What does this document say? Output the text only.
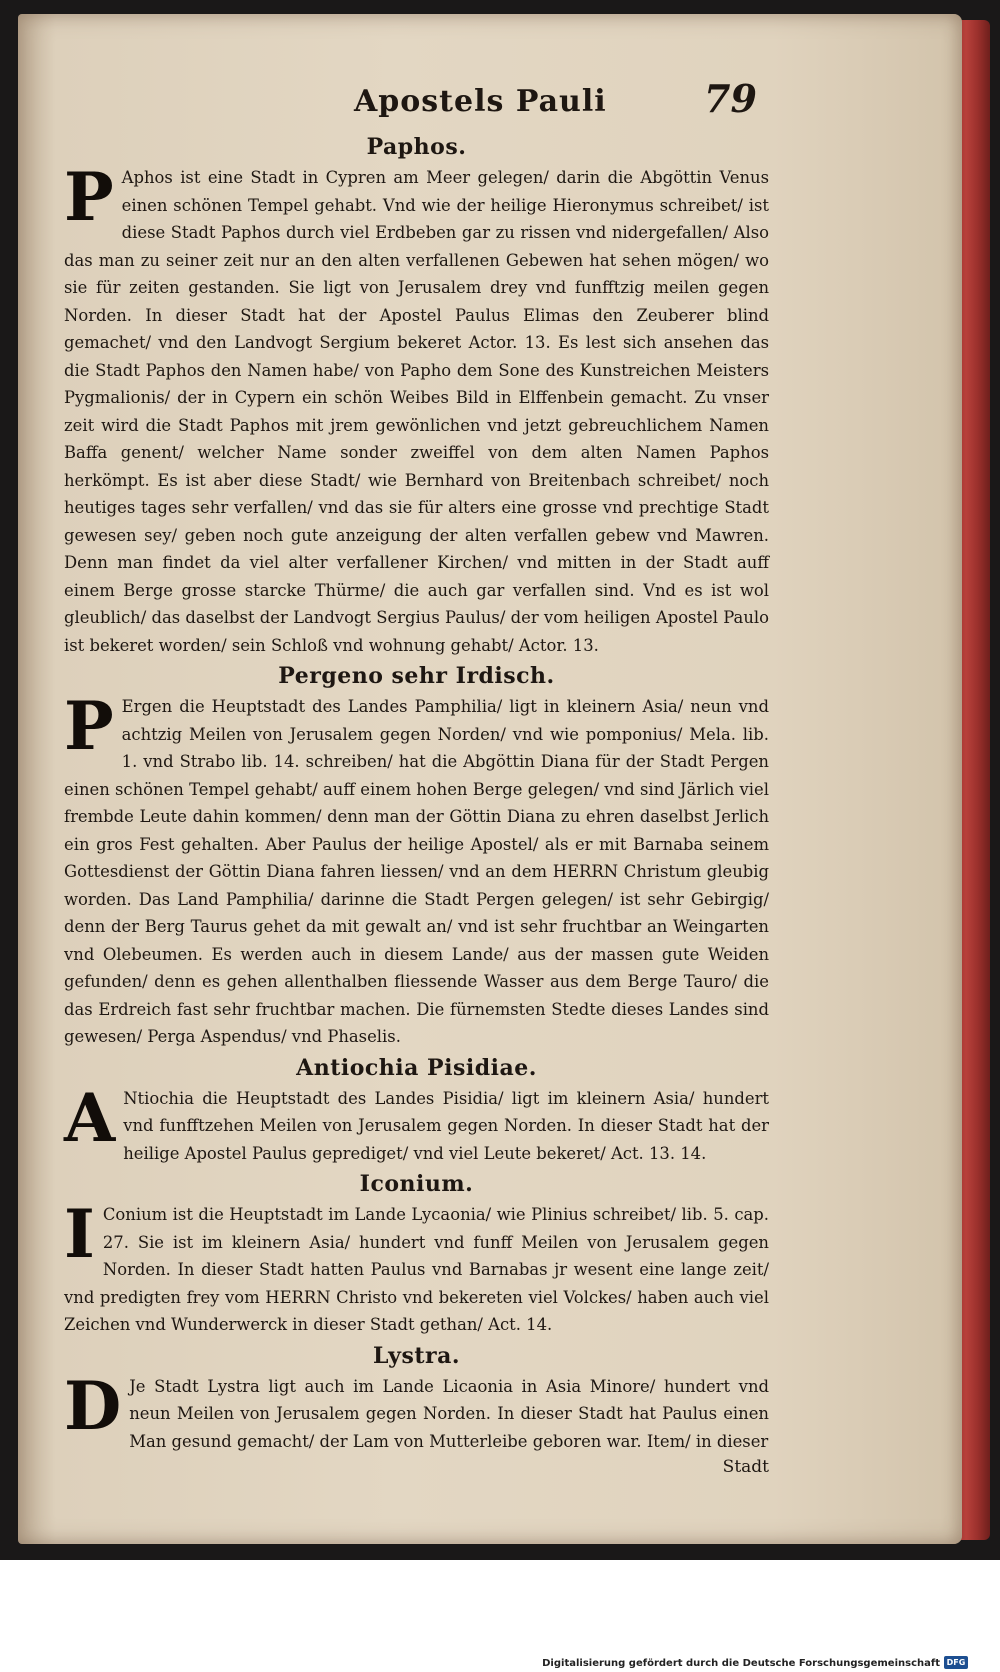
Apostels Pauli	79
Paphos.

P Aphos ist eine Stadt in Cypren am Meer gelegen/ darin die Abgöttin Venus einen schönen Tempel gehabt. Vnd wie der heilige Hieronymus schreibet/ ist diese Stadt Paphos durch viel Erdbeben gar zu rissen vnd nidergefallen/ Also das man zu seiner zeit nur an den alten verfallenen Gebewen hat sehen mögen/ wo sie für zeiten gestanden. Sie ligt von Jerusalem drey vnd funfftzig meilen gegen Norden. In dieser Stadt hat der Apostel Paulus Elimas den Zeuberer blind gemachet/ vnd den Landvogt Sergium bekeret Actor. 13. Es lest sich ansehen das die Stadt Paphos den Namen habe/ von Papho dem Sone des Kunstreichen Meisters Pygmalionis/ der in Cypern ein schön Weibes Bild in Elffenbein gemacht. Zu vnser zeit wird die Stadt Paphos mit jrem gewönlichen vnd jetzt gebreuchlichem Namen Baffa genent/ welcher Name sonder zweiffel von dem alten Namen Paphos herkömpt. Es ist aber diese Stadt/ wie Bernhard von Breitenbach schreibet/ noch heutiges tages sehr verfallen/ vnd das sie für alters eine grosse vnd prechtige Stadt gewesen sey/ geben noch gute anzeigung der alten verfallen gebew vnd Mawren. Denn man findet da viel alter verfallener Kirchen/ vnd mitten in der Stadt auff einem Berge grosse starcke Thürme/ die auch gar verfallen sind. Vnd es ist wol gleublich/ das daselbst der Landvogt Sergius Paulus/ der vom heiligen Apostel Paulo ist bekeret worden/ sein Schloß vnd wohnung gehabt/ Actor. 13.

Pergeno sehr Irdisch.

P Ergen die Heuptstadt des Landes Pamphilia/ ligt in kleinern Asia/ neun vnd achtzig Meilen von Jerusalem gegen Norden/ vnd wie pomponius/ Mela. lib. 1. vnd Strabo lib. 14. schreiben/ hat die Abgöttin Diana für der Stadt Pergen einen schönen Tempel gehabt/ auff einem hohen Berge gelegen/ vnd sind Järlich viel frembde Leute dahin kommen/ denn man der Göttin Diana zu ehren daselbst Jerlich ein gros Fest gehalten. Aber Paulus der heilige Apostel/ als er mit Barnaba seinem Gottesdienst der Göttin Diana fahren liessen/ vnd an dem HERRN Christum gleubig worden. Das Land Pamphilia/ darinne die Stadt Pergen gelegen/ ist sehr Gebirgig/ denn der Berg Taurus gehet da mit gewalt an/ vnd ist sehr fruchtbar an Weingarten vnd Olebeumen. Es werden auch in diesem Lande/ aus der massen gute Weiden gefunden/ denn es gehen allenthalben fliessende Wasser aus dem Berge Tauro/ die das Erdreich fast sehr fruchtbar machen. Die fürnemsten Stedte dieses Landes sind gewesen/ Perga Aspendus/ vnd Phaselis.

Antiochia Pisidiae.

A Ntiochia die Heuptstadt des Landes Pisidia/ ligt im kleinern Asia/ hundert vnd funfftzehen Meilen von Jerusalem gegen Norden. In dieser Stadt hat der heilige Apostel Paulus geprediget/ vnd viel Leute bekeret/ Act. 13. 14.

Iconium.

I Conium ist die Heuptstadt im Lande Lycaonia/ wie Plinius schreibet/ lib. 5. cap. 27. Sie ist im kleinern Asia/ hundert vnd funff Meilen von Jerusalem gegen Norden. In dieser Stadt hatten Paulus vnd Barnabas jr wesent eine lange zeit/ vnd predigten frey vom HERRN Christo vnd bekereten viel Volckes/ haben auch viel Zeichen vnd Wunderwerck in dieser Stadt gethan/ Act. 14.

Lystra.

D Je Stadt Lystra ligt auch im Lande Licaonia in Asia Minore/ hundert vnd neun Meilen von Jerusalem gegen Norden. In dieser Stadt hat Paulus einen Man gesund gemacht/ der Lam von Mutterleibe geboren war. Item/ in dieser

Stadt
Digitalisierung gefördert durch die Deutsche Forschungsgemeinschaft DFG
